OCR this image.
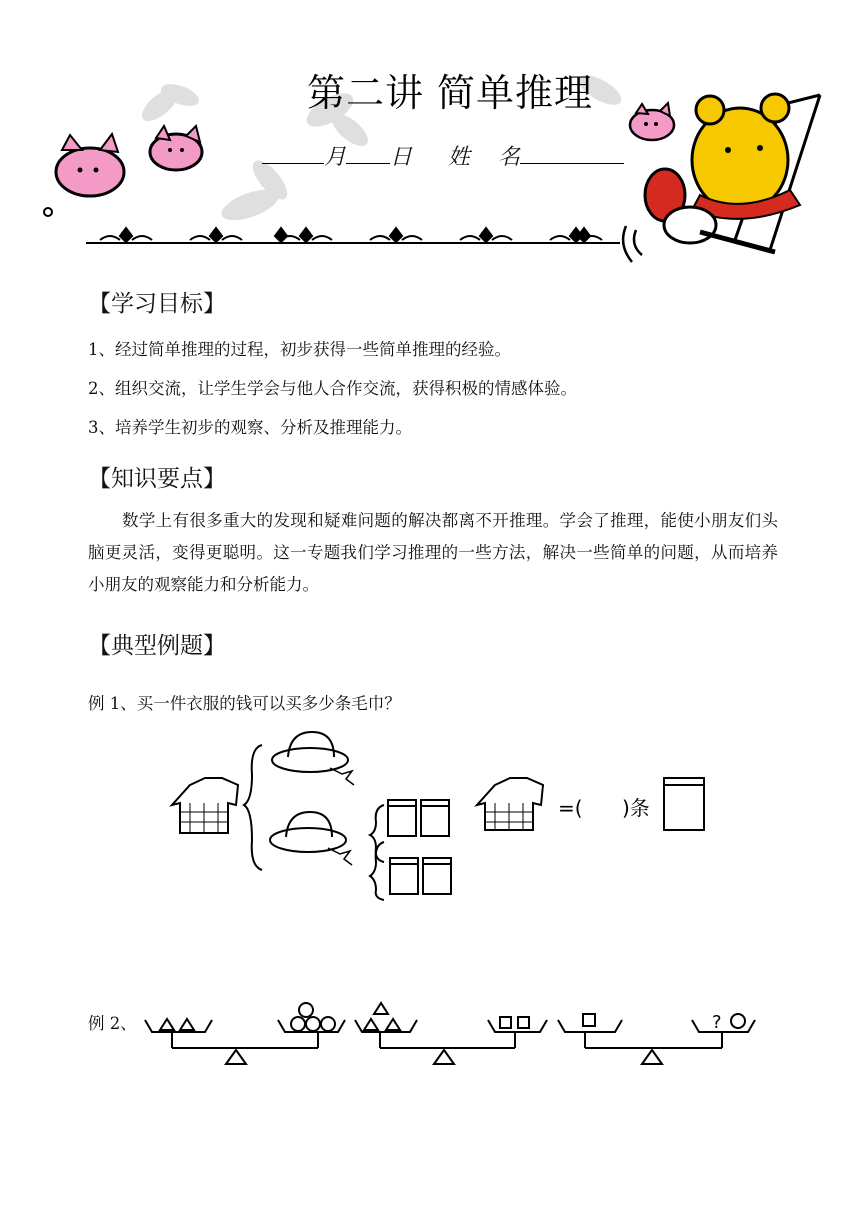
第二讲 简单推理
月 日 姓    名
【学习目标】
1、经过简单推理的过程，初步获得一些简单推理的经验。
2、组织交流，让学生学会与他人合作交流，获得积极的情感体验。
3、培养学生初步的观察、分析及推理能力。
【知识要点】
数学上有很多重大的发现和疑难问题的解决都离不开推理。学会了推理，能使小朋友们头脑更灵活，变得更聪明。这一专题我们学习推理的一些方法，解决一些简单的问题，从而培养小朋友的观察能力和分析能力。
【典型例题】
例 1、买一件衣服的钱可以买多少条毛巾？
=( )条
例 2、	?
